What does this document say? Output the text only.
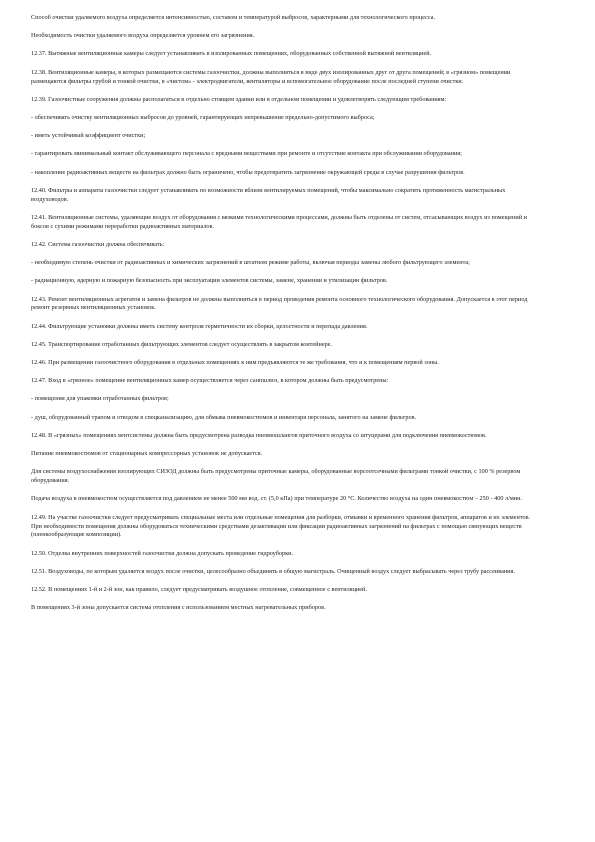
Способ очистки удаляемого воздуха определяется интенсивностью, составом и температурой выбросов, характерными для технологического процесса.

Необходимость очистки удаляемого воздуха определяется уровнем его загрязнения.

12.37. Вытяжные вентиляционные камеры следует устанавливать в изолированных помещениях, оборудованных собственной вытяжной вентиляцией.

12.38. Вентиляционные камеры, в которых размещаются системы газоочистки, должны выполняться в виде двух изолированных друг от друга помещений; в «грязном» помещении размещаются фильтры грубой и тонкой очистки, в «чистом» - электродвигатели, вентиляторы и вспомогательное оборудование после последней ступени очистки.

12.39. Газоочистные сооружения должны располагаться в отдельно стоящем здании или в отдельном помещении и удовлетворять следующим требованиям:

- обеспечивать очистку вентиляционных выбросов до уровней, гарантирующих непревышение предельно-допустимого выброса;

- иметь устойчивый коэффициент очистки;

- гарантировать минимальный контакт обслуживающего персонала с вредными веществами при ремонте и отсутствие контакта при обслуживании оборудования;

- накопление радиоактивных веществ на фильтрах должно быть ограничено, чтобы предотвратить загрязнение окружающей среды в случае разрушения фильтров.

12.40. Фильтры и аппараты газоочистки следует устанавливать по возможности вблизи вентилируемых помещений, чтобы максимально сократить протяженность магистральных воздуховодов.

12.41. Вентиляционные системы, удаляющие воздух от оборудования с вязкими технологическими процессами, должны быть отделены от систем, отсасывающих воздух из помещений и боксов с сухими режимами переработки радиоактивных материалов.

12.42. Система газоочистки должна обеспечивать:

- необходимую степень очистки от радиоактивных и химических загрязнений в штатном режиме работы, включая периоды замены любого фильтрующего элемента;

- радиационную, ядерную и пожарную безопасность при эксплуатации элементов системы, замене, хранении и утилизации фильтров.

12.43. Ремонт вентиляционных агрегатов и замена фильтров не должны выполняться в период проведения ремонта основного технологического оборудования. Допускается в этот период ремонт резервных вентиляционных установок.

12.44. Фильтрующие установки должны иметь систему контроля герметичности их сборки, целостности и перепада давления.

12.45. Транспортирование отработанных фильтрующих элементов следует осуществлять в закрытом контейнере.

12.46. При размещении газоочистного оборудования в отдельных помещениях к ним предъявляются те же требования, что и к помещениям первой зоны.

12.47. Вход в «грязное» помещение вентиляционных камер осуществляется через санпшлюз, в котором должны быть предусмотрены:

- помещения для упаковки отработанных фильтров;

- душ, оборудованный трапом и отводом в спецканализацию, для обмыва пневмокостюмов и инвентаря персонала, занятого на замене фильтров.

12.48. В «грязных» помещениях вентсистемы должна быть предусмотрена разводка пневмошлангов приточного воздуха со штуцерами для подключения пневмокостюмов.

Питание пневмокостюмов от стационарных компрессорных установок не допускается.

Для системы воздухоснабжения изолирующих СИЗОД должны быть предусмотрены приточные камеры, оборудованные ворсоотсечными фильтрами тонкой очистки, с 100 % резервом оборудования.

Подача воздуха в пневмокостюм осуществляется под давлением не менее 500 мм вод. ст. (5,0 кПа) при температуре 20 °С. Количество воздуха на один пневмокостюм – 250 - 400 л/мин.

12.49. На участке газоочистки следует предусматривать специальные места или отдельные помещения для разборки, отмывки и временного хранения фильтров, аппаратов и их элементов. При необходимости помещения должны оборудоваться техническими средствами дезактивации или фиксации радиоактивных загрязнений на фильтрах с помощью связующих веществ (пленкообразующие композиции).

12.50. Отделка внутренних поверхностей газоочистки должна допускать проведение гидроуборки.

12.51. Воздуховоды, по которым удаляется воздух после очистки, целесообразно объединять в общую магистраль. Очищенный воздух следует выбрасывать через трубу рассеивания.

12.52. В помещениях 1-й и 2-й зон, как правило, следует предусматривать воздушное отопление, совмещенное с вентиляцией.

В помещениях 3-й зоны допускается система отопления с использованием местных нагревательных приборов.
